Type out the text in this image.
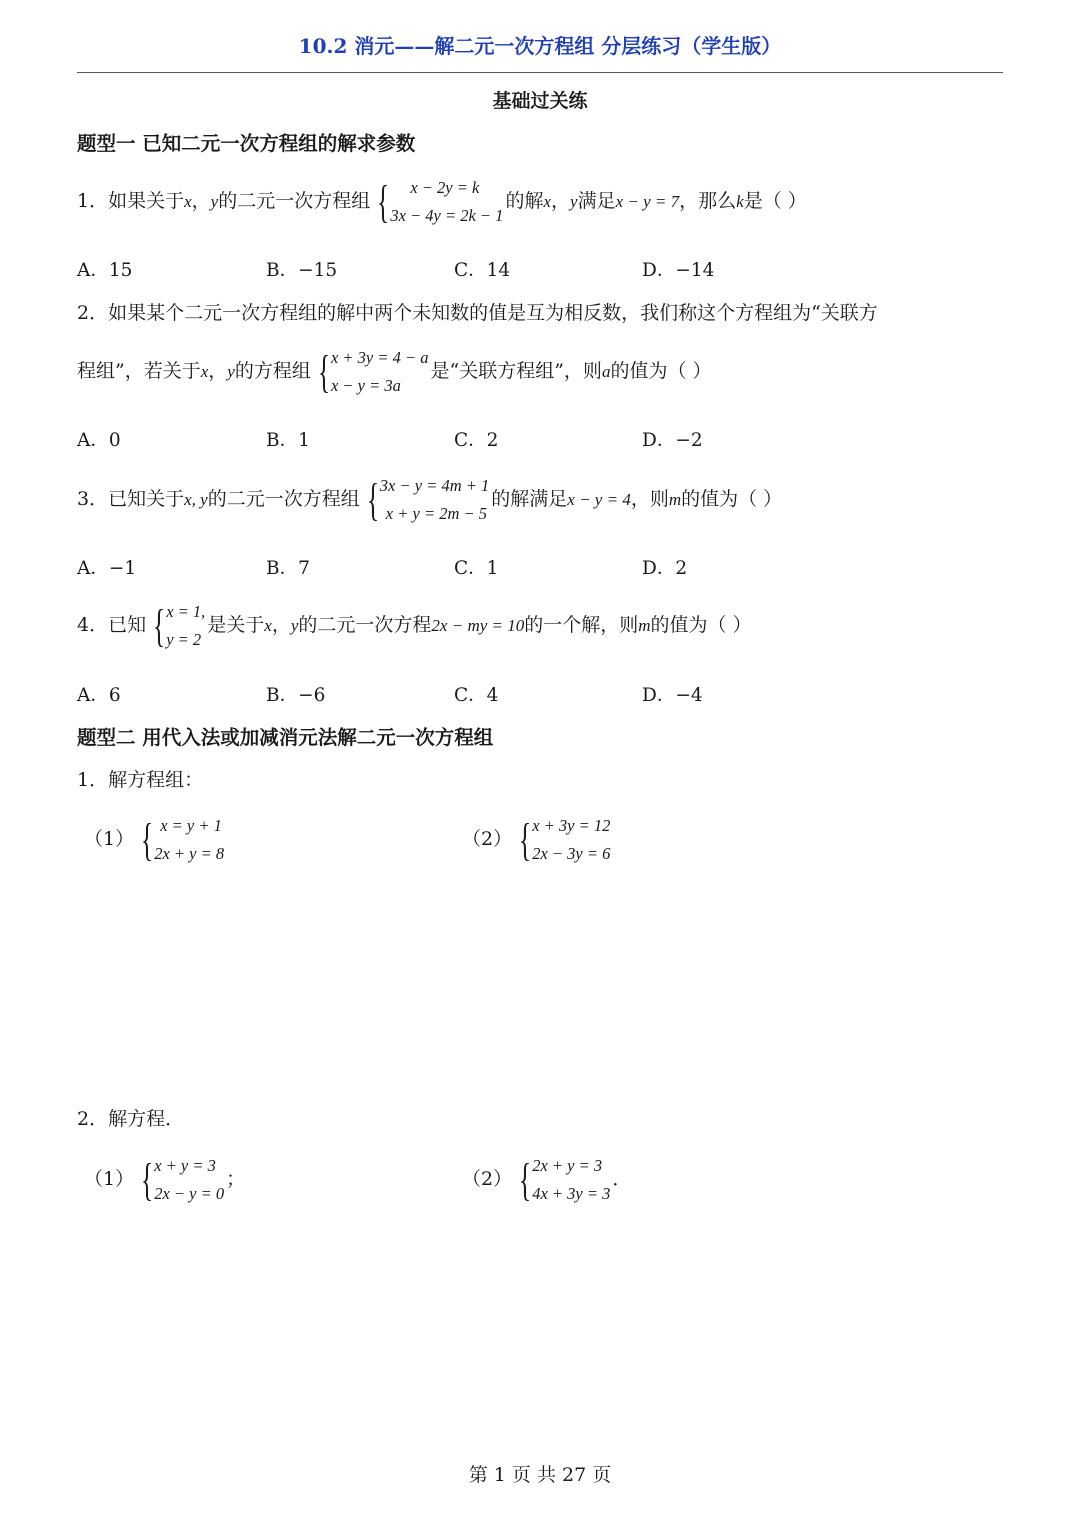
10.2 消元——解二元一次方程组 分层练习（学生版）
基础过关练
题型一 已知二元一次方程组的解求参数
1．如果关于x，y的二元一次方程组 {	x − 2y = k
3x − 4y = 2k − 1
的解x，y满足x − y = 7，那么k是（ ）
A．15	B．−15	C．14	D．−14
2．如果某个二元一次方程组的解中两个未知数的值是互为相反数，我们称这个方程组为“关联方
程组”，若关于x，y的方程组 { x + 3y = 4 − a
x − y = 3a
是“关联方程组”，则a的值为（ ）
A．0	B．1	C．2	D．−2
3．已知关于x, y的二元一次方程组 { 3x − y = 4m + 1
x + y = 2m − 5
的解满足x − y = 4，则m的值为（ ）
A．−1	B．7	C．1	D．2
4．已知 { x = 1,
y = 2
是关于x，y的二元一次方程2x − my = 10的一个解，则m的值为（ ）
A．6	B．−6	C．4	D．−4
题型二 用代入法或加减消元法解二元一次方程组
1．解方程组：
（1） { x = y + 1
2x + y = 8
（2） { x + 3y = 12
2x − 3y = 6
2．解方程．
（1） { x + y = 3
2x − y = 0
；	（2） { 2x + y = 3
4x + 3y = 3
．
第 1 页 共 27 页
